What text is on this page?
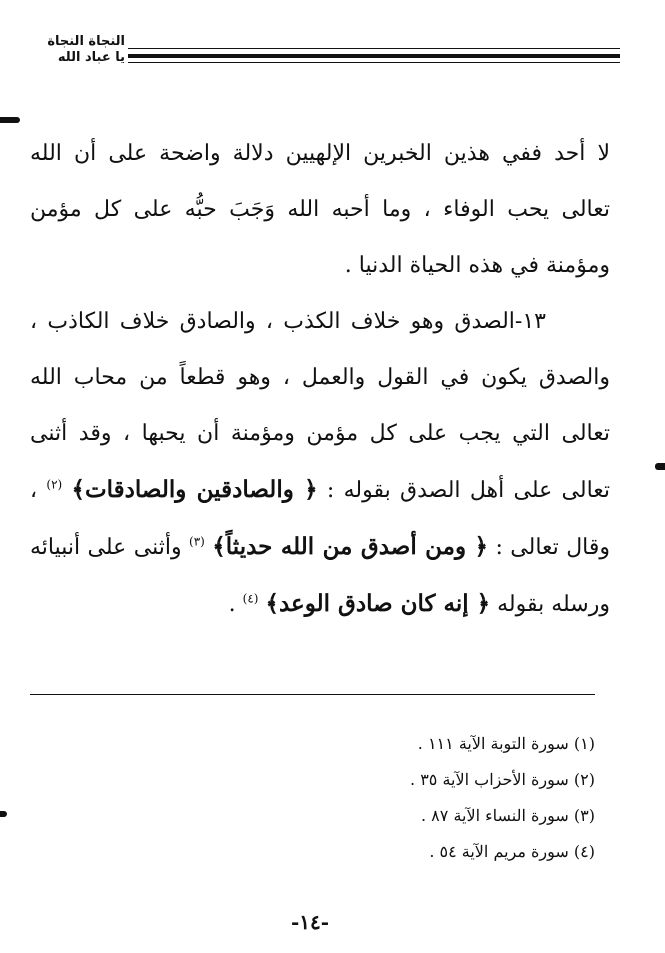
النجاة النجاة
يا عباد الله

لا أحد ففي هذين الخبرين الإلهيين دلالة واضحة على أن الله تعالى يحب الوفاء ، وما أحبه الله وَجَبَ حبُّه على كل مؤمن ومؤمنة في هذه الحياة الدنيا .

١٣-الصدق وهو خلاف الكذب ، والصادق خلاف الكاذب ، والصدق يكون في القول والعمل ، وهو قطعاً من محاب الله تعالى التي يجب على كل مؤمن ومؤمنة أن يحبها ، وقد أثنى تعالى على أهل الصدق بقوله : ﴿ والصادقين والصادقات﴾ $^{(٢)}$ ، وقال تعالى : ﴿ ومن أصدق من الله حديثاً﴾ $^{(٣)}$ وأثنى على أنبيائه ورسله بقوله ﴿ إنه كان صادق الوعد﴾ $^{(٤)}$ .

(١) سورة التوبة الآية ١١١ .
(٢) سورة الأحزاب الآية ٣٥ .
(٣) سورة النساء الآية ٨٧ .
(٤) سورة مريم الآية ٥٤ .
-١٤-
